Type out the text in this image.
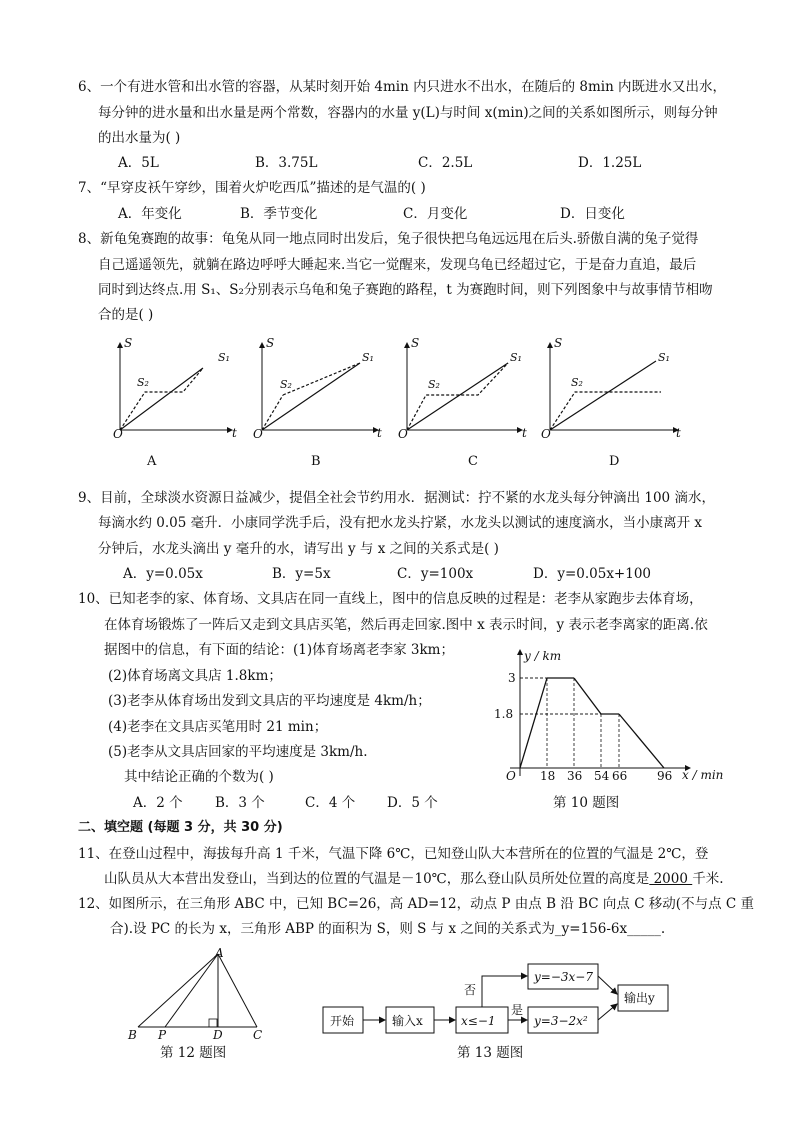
6、一个有进水管和出水管的容器，从某时刻开始 4min 内只进水不出水，在随后的 8min 内既进水又出水，
每分钟的进水量和出水量是两个常数，容器内的水量 y(L)与时间 x(min)之间的关系如图所示，则每分钟
的出水量为( )
A．5L	B．3.75L	C．2.5L	D．1.25L
7、“早穿皮袄午穿纱，围着火炉吃西瓜”描述的是气温的( )
A．年变化	B．季节变化	C．月变化	D．日变化
8、新龟兔赛跑的故事：龟兔从同一地点同时出发后，兔子很快把乌龟远远甩在后头.骄傲自满的兔子觉得
自己遥遥领先，就躺在路边呼呼大睡起来.当它一觉醒来，发现乌龟已经超过它，于是奋力直追，最后
同时到达终点.用 S₁、S₂分别表示乌龟和兔子赛跑的路程，t 为赛跑时间，则下列图象中与故事情节相吻
合的是( )
O
S
t
S₁
S₂
A
O
S
t
S₁
S₂
B
O
S
t
S₁
S₂
C
O
S
t
S₁
S₂
D
9、目前，全球淡水资源日益减少，提倡全社会节约用水．据测试：拧不紧的水龙头每分钟滴出 100 滴水，
每滴水约 0.05 毫升．小康同学洗手后，没有把水龙头拧紧，水龙头以测试的速度滴水，当小康离开 x
分钟后，水龙头滴出 y 毫升的水，请写出 y 与 x 之间的关系式是( )
A．y=0.05x	B．y=5x	C．y=100x	D．y=0.05x+100
10、已知老李的家、体育场、文具店在同一直线上，图中的信息反映的过程是：老李从家跑步去体育场，
在体育场锻炼了一阵后又走到文具店买笔，然后再走回家.图中 x 表示时间，y 表示老李离家的距离.依
据图中的信息，有下面的结论：(1)体育场离老李家 3km；
(2)体育场离文具店 1.8km；
(3)老李从体育场出发到文具店的平均速度是 4km/h；
(4)老李在文具店买笔用时 21 min；
(5)老李从文具店回家的平均速度是 3km/h.
其中结论正确的个数为( )
A．2 个 B．3 个	C．4 个 D．5 个
y / km
x / min
O 18 36 54 66 96
1.8
3
第 10 题图
二、填空题 (每题 3 分，共 30 分)
11、在登山过程中，海拔每升高 1 千米，气温下降 6℃，已知登山队大本营所在的位置的气温是 2℃，登
山队员从大本营出发登山，当到达的位置的气温是－10℃，那么登山队员所处位置的高度是 2000 千米.
12、如图所示，在三角形 ABC 中，已知 BC=26，高 AD=12，动点 P 由点 B 沿 BC 向点 C 移动(不与点 C 重
合).设 PC 的长为 x，三角形 ABP 的面积为 S，则 S 与 x 之间的关系式为_y=156-6x_____.
A
B P	D	C
第 12 题图
开始	输入x	x≤−1
否
是
y=−3x−7
y=3−2x²
输出y
第 13 题图
